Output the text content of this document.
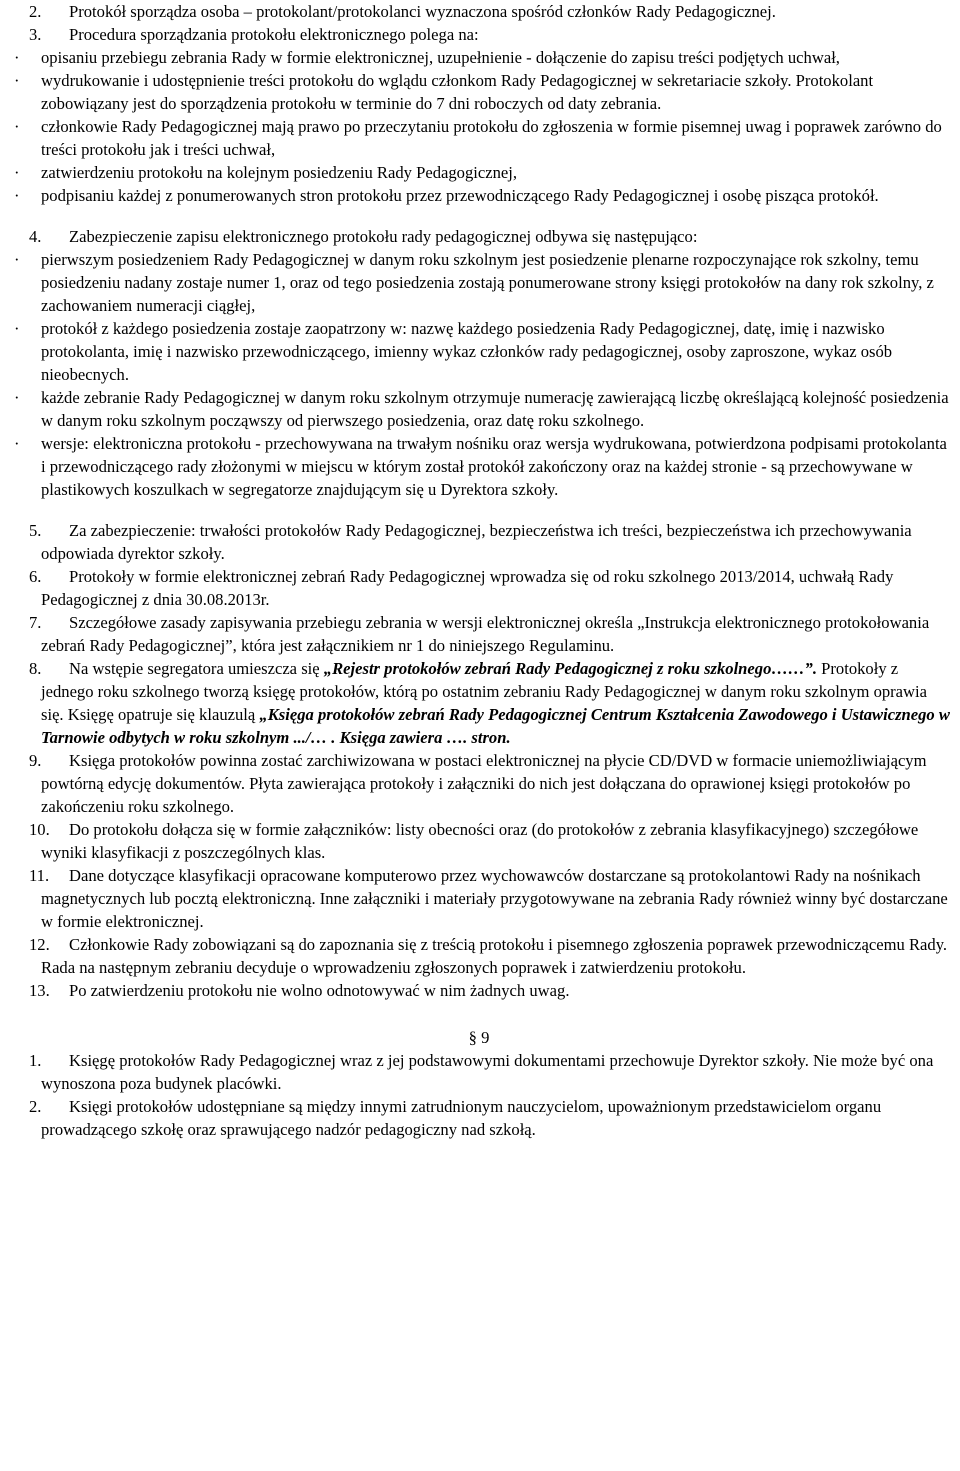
2. Protokół sporządza osoba – protokolant/protokolanci wyznaczona spośród członków Rady Pedagogicznej.
3. Procedura sporządzania protokołu elektronicznego polega na:
· opisaniu przebiegu zebrania Rady w formie elektronicznej, uzupełnienie - dołączenie do zapisu treści podjętych uchwał,
· wydrukowanie i udostępnienie treści protokołu do wglądu członkom Rady Pedagogicznej w sekretariacie szkoły. Protokolant zobowiązany jest do sporządzenia protokołu w terminie do 7 dni roboczych od daty zebrania.
· członkowie Rady Pedagogicznej mają prawo po przeczytaniu protokołu do zgłoszenia w formie pisemnej uwag i poprawek zarówno do treści protokołu jak i treści uchwał,
· zatwierdzeniu protokołu na kolejnym posiedzeniu Rady Pedagogicznej,
· podpisaniu każdej z ponumerowanych stron protokołu przez przewodniczącego Rady Pedagogicznej i osobę pisząca protokół.
4. Zabezpieczenie zapisu elektronicznego protokołu rady pedagogicznej odbywa się następująco:
· pierwszym posiedzeniem Rady Pedagogicznej w danym roku szkolnym jest posiedzenie plenarne rozpoczynające rok szkolny, temu posiedzeniu nadany zostaje numer 1, oraz od tego posiedzenia zostają ponumerowane strony księgi protokołów na dany rok szkolny, z zachowaniem numeracji ciągłej,
· protokół z każdego posiedzenia zostaje zaopatrzony w: nazwę każdego posiedzenia Rady Pedagogicznej, datę, imię i nazwisko protokolanta, imię i nazwisko przewodniczącego, imienny wykaz członków rady pedagogicznej, osoby zaproszone, wykaz osób nieobecnych.
· każde zebranie Rady Pedagogicznej w danym roku szkolnym otrzymuje numerację zawierającą liczbę określającą kolejność posiedzenia w danym roku szkolnym począwszy od pierwszego posiedzenia, oraz datę roku szkolnego.
· wersje: elektroniczna protokołu - przechowywana na trwałym nośniku oraz wersja wydrukowana, potwierdzona podpisami protokolanta i przewodniczącego rady złożonymi w miejscu w którym został protokół zakończony oraz na każdej stronie - są przechowywane w plastikowych koszulkach w segregatorze znajdującym się u Dyrektora szkoły.
5. Za zabezpieczenie: trwałości protokołów Rady Pedagogicznej, bezpieczeństwa ich treści, bezpieczeństwa ich przechowywania odpowiada dyrektor szkoły.
6. Protokoły w formie elektronicznej zebrań Rady Pedagogicznej wprowadza się od roku szkolnego 2013/2014, uchwałą Rady Pedagogicznej z dnia 30.08.2013r.
7. Szczegółowe zasady zapisywania przebiegu zebrania w wersji elektronicznej określa „Instrukcja elektronicznego protokołowania zebrań Rady Pedagogicznej”, która jest załącznikiem nr 1 do niniejszego Regulaminu.
8. Na wstępie segregatora umieszcza się „Rejestr protokołów zebrań Rady Pedagogicznej z roku szkolnego……”. Protokoły z jednego roku szkolnego tworzą księgę protokołów, którą po ostatnim zebraniu Rady Pedagogicznej w danym roku szkolnym oprawia się. Księgę opatruje się klauzulą „Księga protokołów zebrań Rady Pedagogicznej Centrum Kształcenia Zawodowego i Ustawicznego w Tarnowie odbytych w roku szkolnym .../… . Księga zawiera …. stron.
9. Księga protokołów powinna zostać zarchiwizowana w postaci elektronicznej na płycie CD/DVD w formacie uniemożliwiającym powtórną edycję dokumentów. Płyta zawierająca protokoły i załączniki do nich jest dołączana do oprawionej księgi protokołów po zakończeniu roku szkolnego.
10. Do protokołu dołącza się w formie załączników: listy obecności oraz (do protokołów z zebrania klasyfikacyjnego) szczegółowe wyniki klasyfikacji z poszczególnych klas.
11. Dane dotyczące klasyfikacji opracowane komputerowo przez wychowawców dostarczane są protokolantowi Rady na nośnikach magnetycznych lub pocztą elektroniczną. Inne załączniki i materiały przygotowywane na zebrania Rady również winny być dostarczane w formie elektronicznej.
12. Członkowie Rady zobowiązani są do zapoznania się z treścią protokołu i pisemnego zgłoszenia poprawek przewodniczącemu Rady. Rada na następnym zebraniu decyduje o wprowadzeniu zgłoszonych poprawek i zatwierdzeniu protokołu.
13. Po zatwierdzeniu protokołu nie wolno odnotowywać w nim żadnych uwag.
§ 9
1. Księgę protokołów Rady Pedagogicznej wraz z jej podstawowymi dokumentami przechowuje Dyrektor szkoły. Nie może być ona wynoszona poza budynek placówki.
2. Księgi protokołów udostępniane są między innymi zatrudnionym nauczycielom, upoważnionym przedstawicielom organu prowadzącego szkołę oraz sprawującego nadzór pedagogiczny nad szkołą.
